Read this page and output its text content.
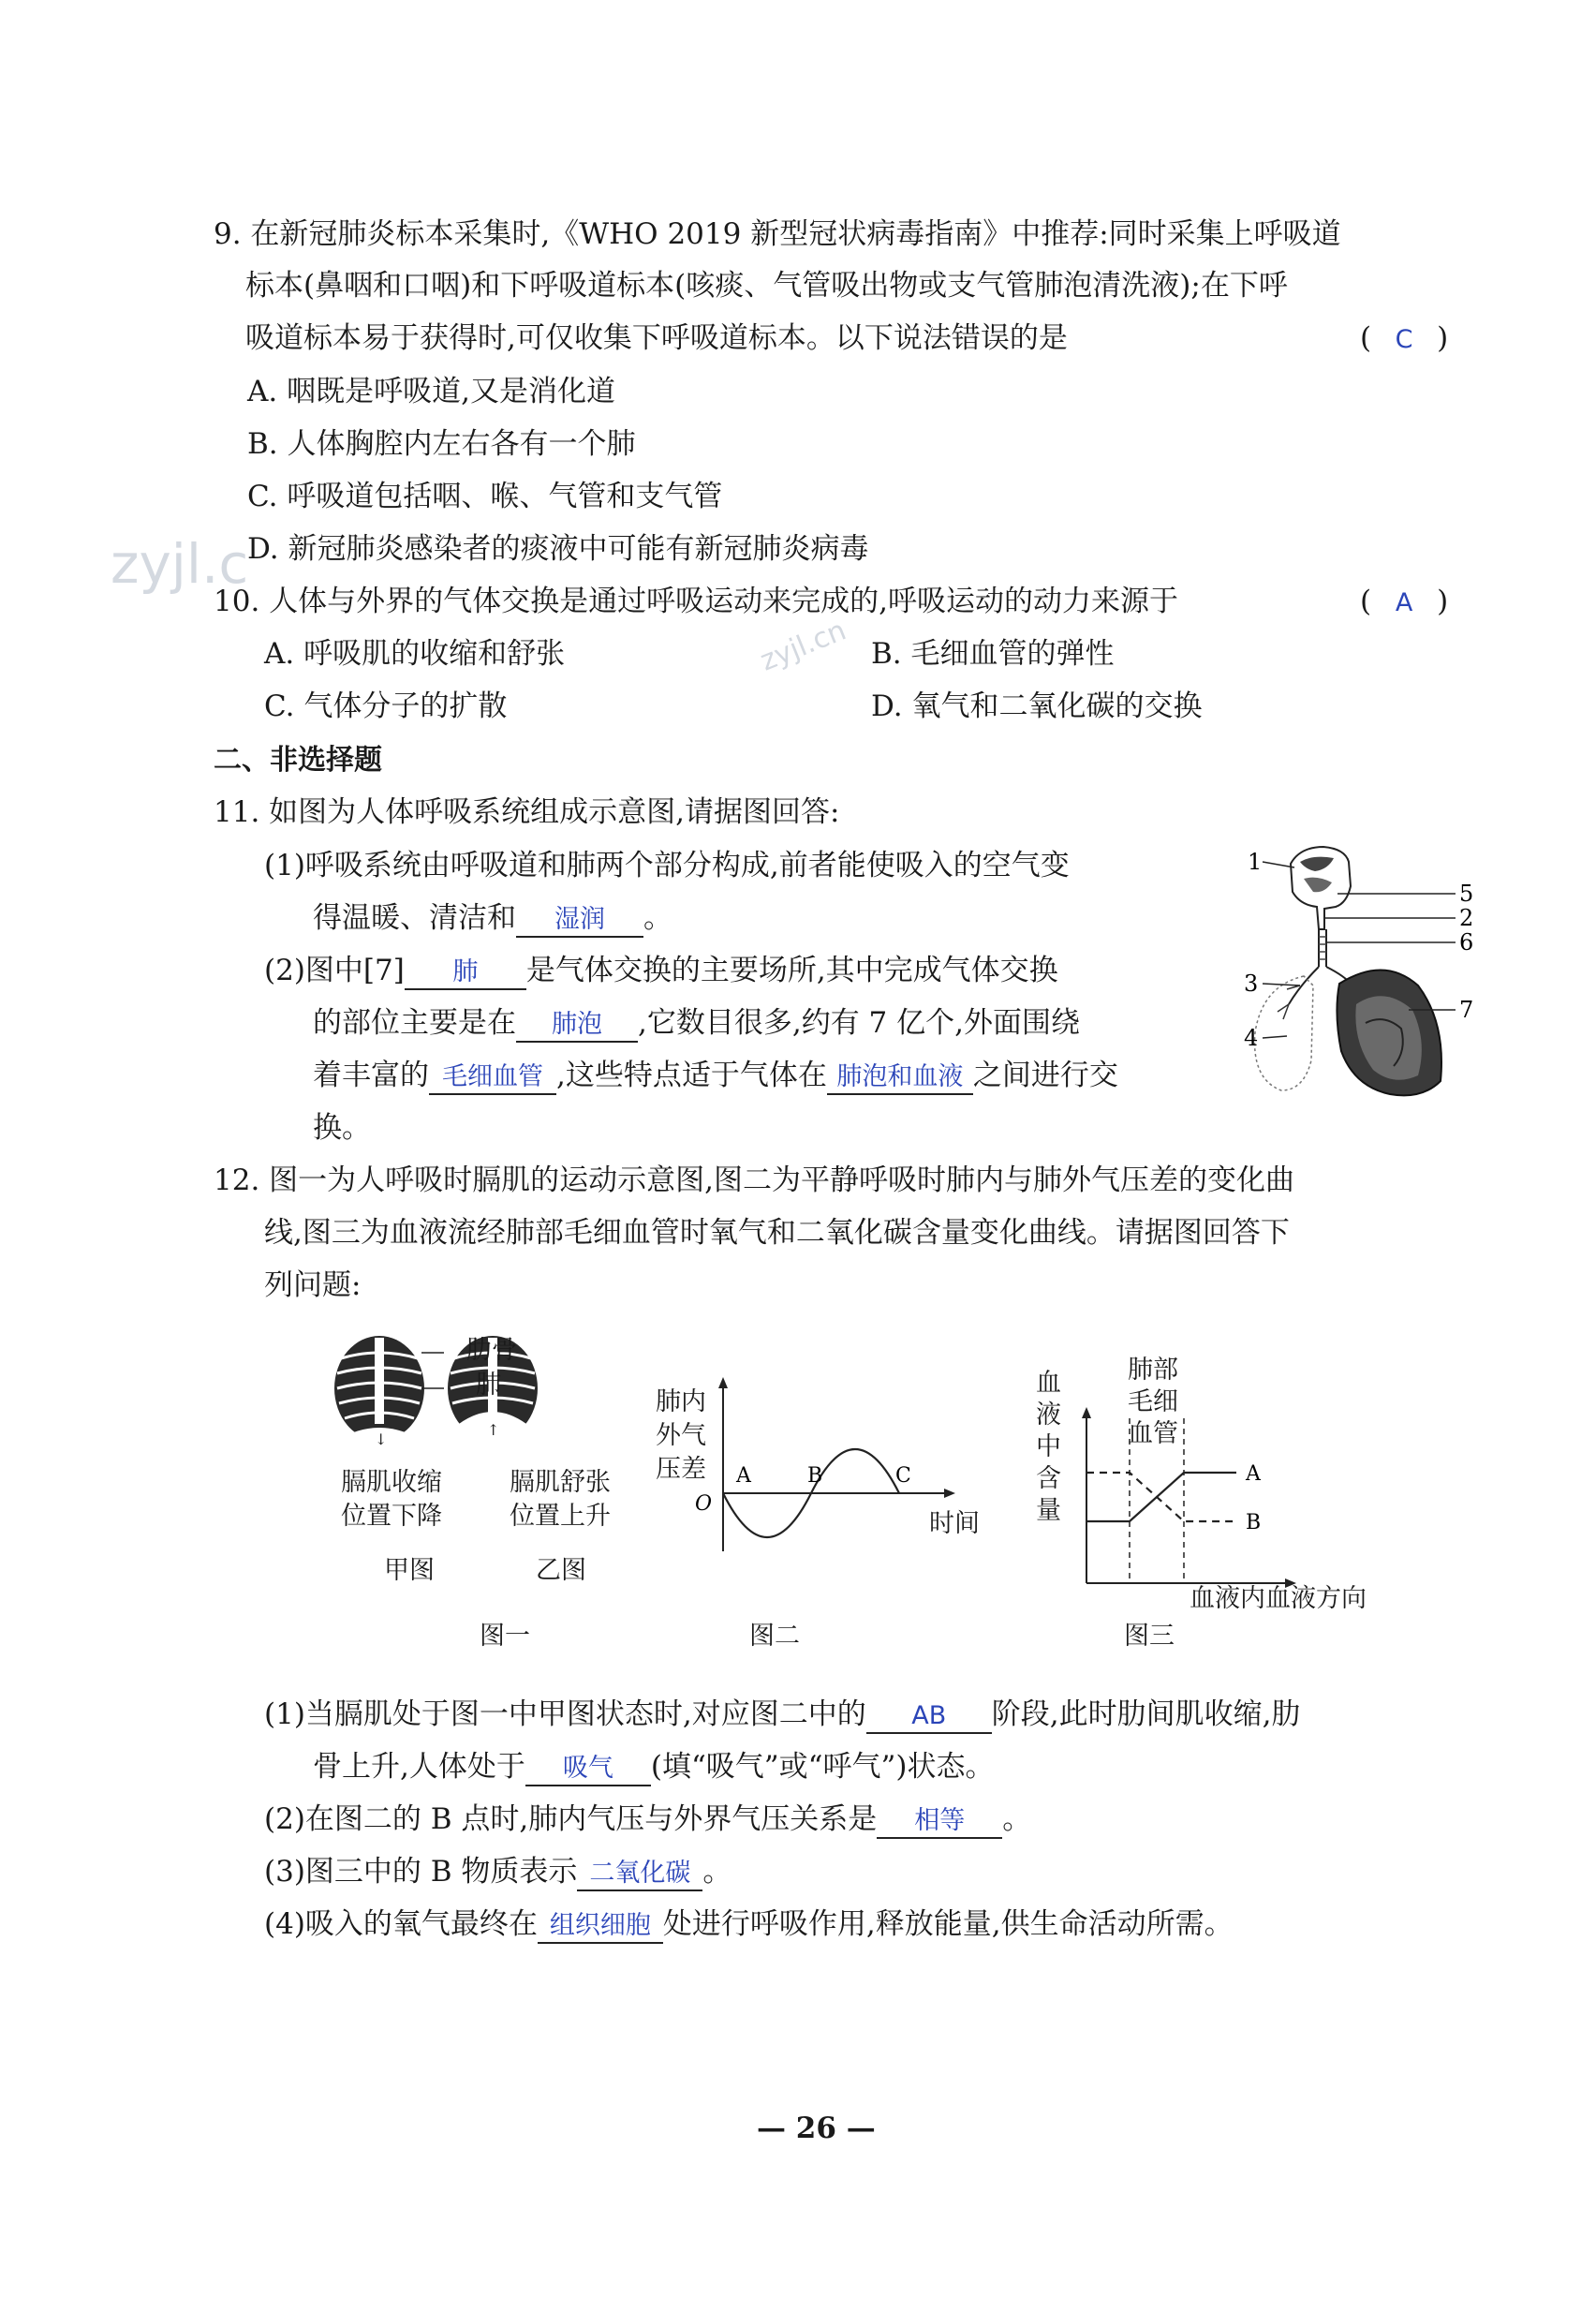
zyjl.c
zyjl.cn
9. 在新冠肺炎标本采集时,《WHO 2019 新型冠状病毒指南》中推荐:同时采集上呼吸道
标本(鼻咽和口咽)和下呼吸道标本(咳痰、气管吸出物或支气管肺泡清洗液);在下呼
吸道标本易于获得时,可仅收集下呼吸道标本。以下说法错误的是	( C )
A. 咽既是呼吸道,又是消化道
B. 人体胸腔内左右各有一个肺
C. 呼吸道包括咽、喉、气管和支气管
D. 新冠肺炎感染者的痰液中可能有新冠肺炎病毒
10. 人体与外界的气体交换是通过呼吸运动来完成的,呼吸运动的动力来源于	( A )
A. 呼吸肌的收缩和舒张	B. 毛细血管的弹性
C. 气体分子的扩散	D. 氧气和二氧化碳的交换
二、非选择题
11. 如图为人体呼吸系统组成示意图,请据图回答:
(1)呼吸系统由呼吸道和肺两个部分构成,前者能使吸入的空气变
得温暖、清洁和 湿润 。
(2)图中[7] 肺 是气体交换的主要场所,其中完成气体交换
的部位主要是在 肺泡 ,它数目很多,约有 7 亿个,外面围绕
着丰富的 毛细血管 ,这些特点适于气体在 肺泡和血液 之间进行交
换。
1
5
2
6
3
7
4
12. 图一为人呼吸时膈肌的运动示意图,图二为平静呼吸时肺内与肺外气压差的变化曲
线,图三为血液流经肺部毛细血管时氧气和二氧化碳含量变化曲线。请据图回答下
列问题:
↓
↑
肋骨
肺
膈肌收缩
位置下降
膈肌舒张
位置上升
甲图	乙图
图一
A	B	C
O
肺内
外气
压差
时间
图二
A
B
血
液
中
含
量
肺部
毛细
血管
血液内血液方向
图三
(1)当膈肌处于图一中甲图状态时,对应图二中的 AB 阶段,此时肋间肌收缩,肋
骨上升,人体处于 吸气 (填“吸气”或“呼气”)状态。
(2)在图二的 B 点时,肺内气压与外界气压关系是 相等 。
(3)图三中的 B 物质表示 二氧化碳 。
(4)吸入的氧气最终在 组织细胞 处进行呼吸作用,释放能量,供生命活动所需。
— 26 —
